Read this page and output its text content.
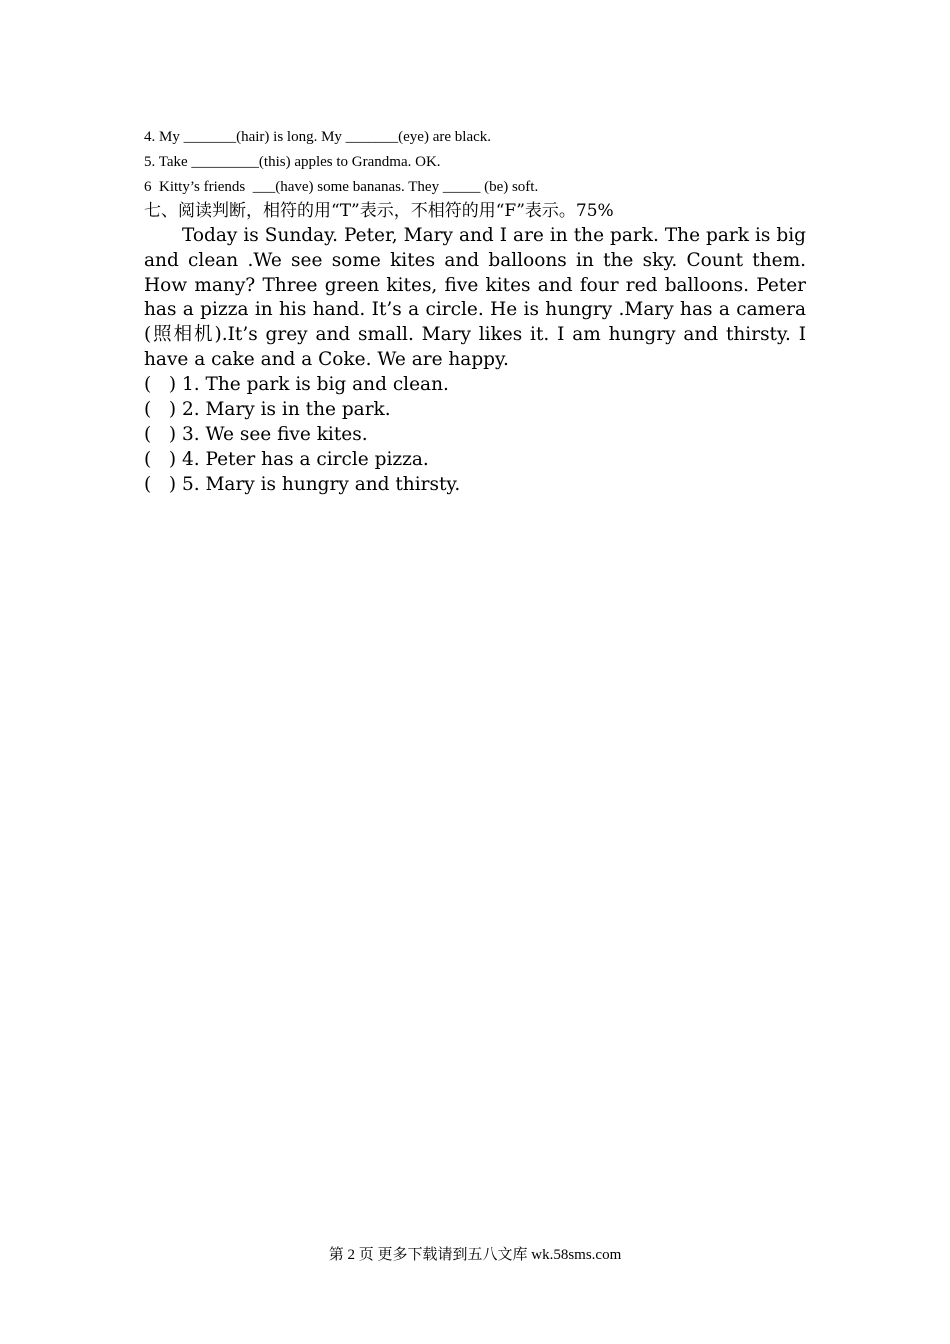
4. My _______(hair) is long. My _______(eye) are black.
5. Take _________(this) apples to Grandma. OK.
6  Kitty’s friends  ___(have) some bananas. They _____ (be) soft.
七、阅读判断，相符的用“T”表示，不相符的用“F”表示。75%

Today is Sunday. Peter, Mary and I are in the park. The park is big and clean .We see some kites and balloons in the sky. Count them. How many? Three green kites, five kites and four red balloons. Peter has a pizza in his hand. It’s a circle. He is hungry .Mary has a camera (照相机).It’s grey and small. Mary likes it. I am hungry and thirsty. I have a cake and a Coke. We are happy.

(   ) 1. The park is big and clean.
(   ) 2. Mary is in the park.
(   ) 3. We see five kites.
(   ) 4. Peter has a circle pizza.
(   ) 5. Mary is hungry and thirsty.
第 2 页 更多下载请到五八文库 wk.58sms.com
